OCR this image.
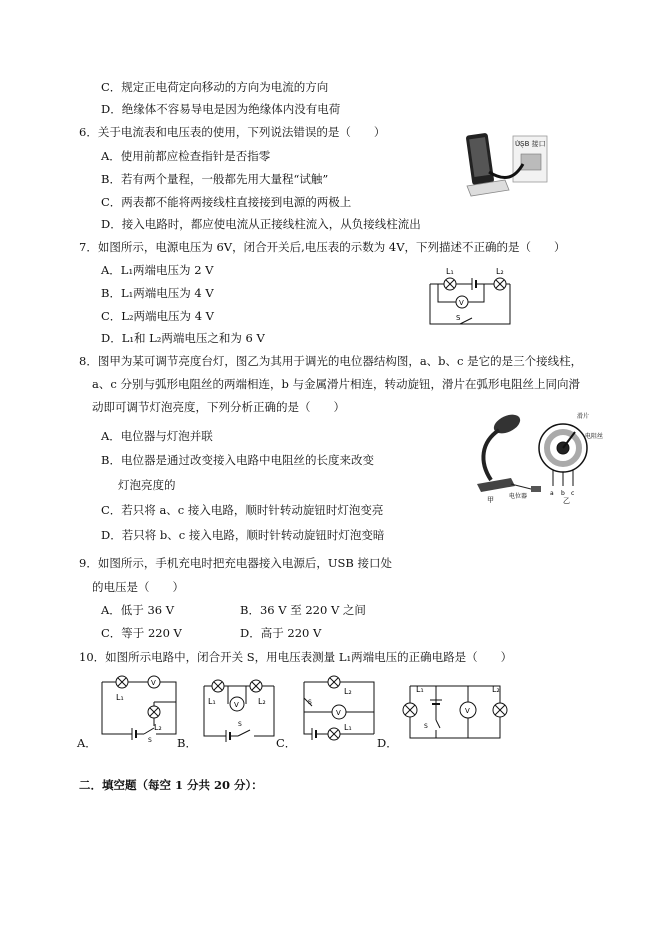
C．规定正电荷定向移动的方向为电流的方向
D．绝缘体不容易导电是因为绝缘体内没有电荷
6．关于电流表和电压表的使用，下列说法错误的是（　　）
A．使用前都应检查指针是否指零
B．若有两个量程，一般都先用大量程“试触”
C．两表都不能将两接线柱直接接到电源的两极上
D．接入电路时，都应使电流从正接线柱流入，从负接线柱流出
USB 接口
7．如图所示，电源电压为 6V，闭合开关后,电压表的示数为 4V，下列描述不正确的是（　　）
A．L₁两端电压为 2 V
B．L₁两端电压为 4 V
C．L₂两端电压为 4 V
D．L₁和 L₂两端电压之和为 6 V
L₁	L₂
V
S
8．图甲为某可调节亮度台灯，图乙为其用于调光的电位器结构图，a、b、c 是它的是三个接线柱，
a、c 分别与弧形电阻丝的两端相连，b 与金属滑片相连，转动旋钮，滑片在弧形电阻丝上同向滑
动即可调节灯泡亮度，下列分析正确的是（　　）
A．电位器与灯泡并联
B．电位器是通过改变接入电路中电阻丝的长度来改变
灯泡亮度的
C．若只将 a、c 接入电路，顺时针转动旋钮时灯泡变亮
D．若只将 b、c 接入电路，顺时针转动旋钮时灯泡变暗
甲	电位器
滑片
电阻丝
a b c
乙
9．如图所示，手机充电时把充电器接入电源后，USB 接口处
的电压是（　　）
A．低于 36 V	B．36 V 至 220 V 之间
C．等于 220 V	D．高于 220 V
10．如图所示电路中，闭合开关 S，用电压表测量 L₁两端电压的正确电路是（　　）
A．
V
L₁
L₂
S B．
L₁	L₂
V
S
C．
L₂
L₁
V
S
D．
L₁	L₂
V
S
二．填空题（每空 1 分共 20 分）：
